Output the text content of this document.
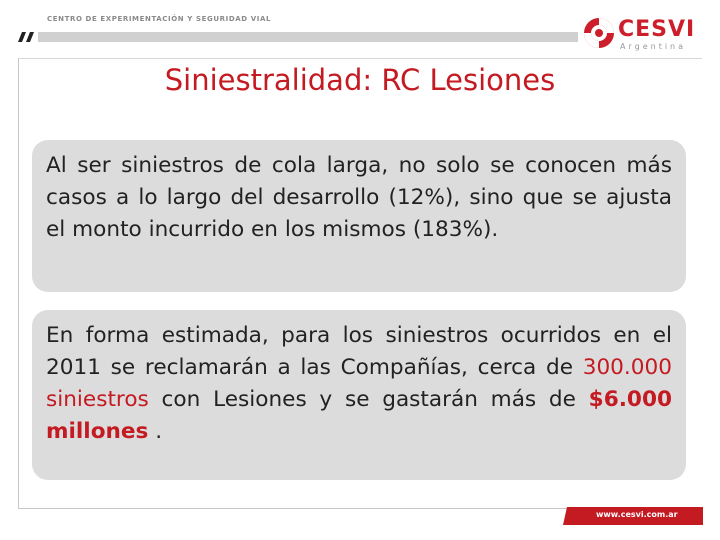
CENTRO DE EXPERIMENTACIÓN Y SEGURIDAD VIAL	CESVI
Argentina
Siniestralidad: RC Lesiones
Al ser siniestros de cola larga, no solo se conocen más casos a lo largo del desarrollo (12%), sino que se ajusta el monto incurrido en los mismos (183%).
En forma estimada, para los siniestros ocurridos en el 2011 se reclamarán a las Compañías, cerca de 300.000 siniestros con Lesiones y se gastarán más de $6.000 millones .
www.cesvi.com.ar
